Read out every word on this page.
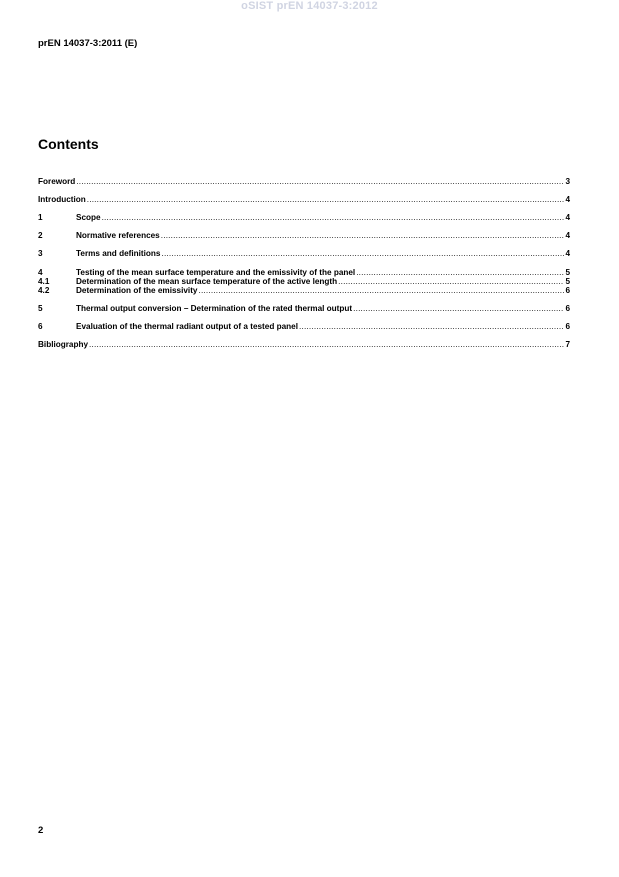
oSIST prEN 14037-3:2012
prEN 14037-3:2011 (E)
Contents
Foreword .....	3
Introduction .....	4
1	Scope .....	4
2	Normative references .....	4
3	Terms and definitions .....	4
4	Testing of the mean surface temperature and the emissivity of the panel .....	5
4.1	Determination of the mean surface temperature of the active length .....	5
4.2	Determination of the emissivity .....	6
5	Thermal output conversion – Determination of the rated thermal output .....	6
6	Evaluation of the thermal radiant output of a tested panel .....	6
Bibliography .....	7
2
